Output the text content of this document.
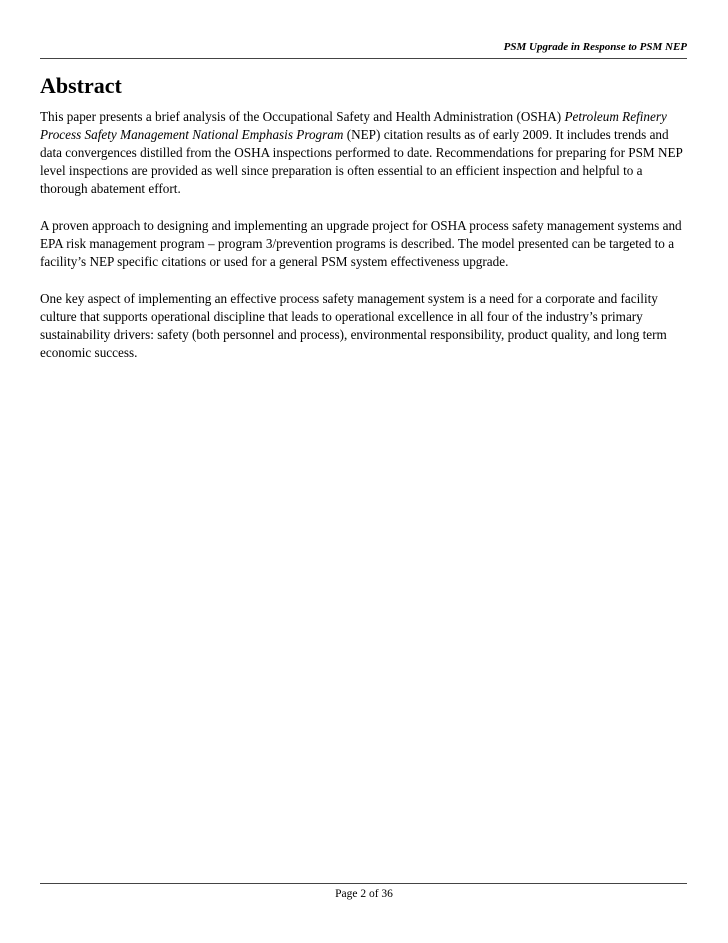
PSM Upgrade in Response to PSM NEP
Abstract

This paper presents a brief analysis of the Occupational Safety and Health Administration (OSHA) Petroleum Refinery Process Safety Management National Emphasis Program (NEP) citation results as of early 2009. It includes trends and data convergences distilled from the OSHA inspections performed to date. Recommendations for preparing for PSM NEP level inspections are provided as well since preparation is often essential to an efficient inspection and helpful to a thorough abatement effort.

A proven approach to designing and implementing an upgrade project for OSHA process safety management systems and EPA risk management program – program 3/prevention programs is described. The model presented can be targeted to a facility’s NEP specific citations or used for a general PSM system effectiveness upgrade.

One key aspect of implementing an effective process safety management system is a need for a corporate and facility culture that supports operational discipline that leads to operational excellence in all four of the industry’s primary sustainability drivers: safety (both personnel and process), environmental responsibility, product quality, and long term economic success.

Page 2 of 36
